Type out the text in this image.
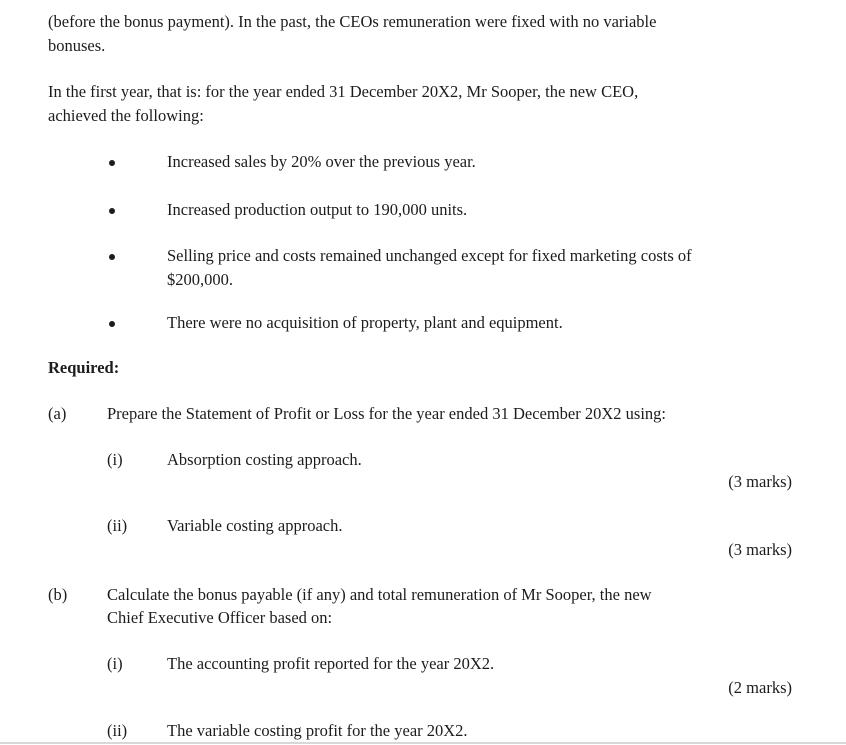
(before the bonus payment). In the past, the CEOs remuneration were fixed with no variable
bonuses.
In the first year, that is: for the year ended 31 December 20X2, Mr Sooper, the new CEO,
achieved the following:
Increased sales by 20% over the previous year.
Increased production output to 190,000 units.
Selling price and costs remained unchanged except for fixed marketing costs of
$200,000.
There were no acquisition of property, plant and equipment.
Required:
(a) Prepare the Statement of Profit or Loss for the year ended 31 December 20X2 using:
(i)	Absorption costing approach.
(3 marks)
(ii) Variable costing approach.
(3 marks)
(b) Calculate the bonus payable (if any) and total remuneration of Mr Sooper, the new
Chief Executive Officer based on:
(i)	The accounting profit reported for the year 20X2.
(2 marks)
(ii) The variable costing profit for the year 20X2.
